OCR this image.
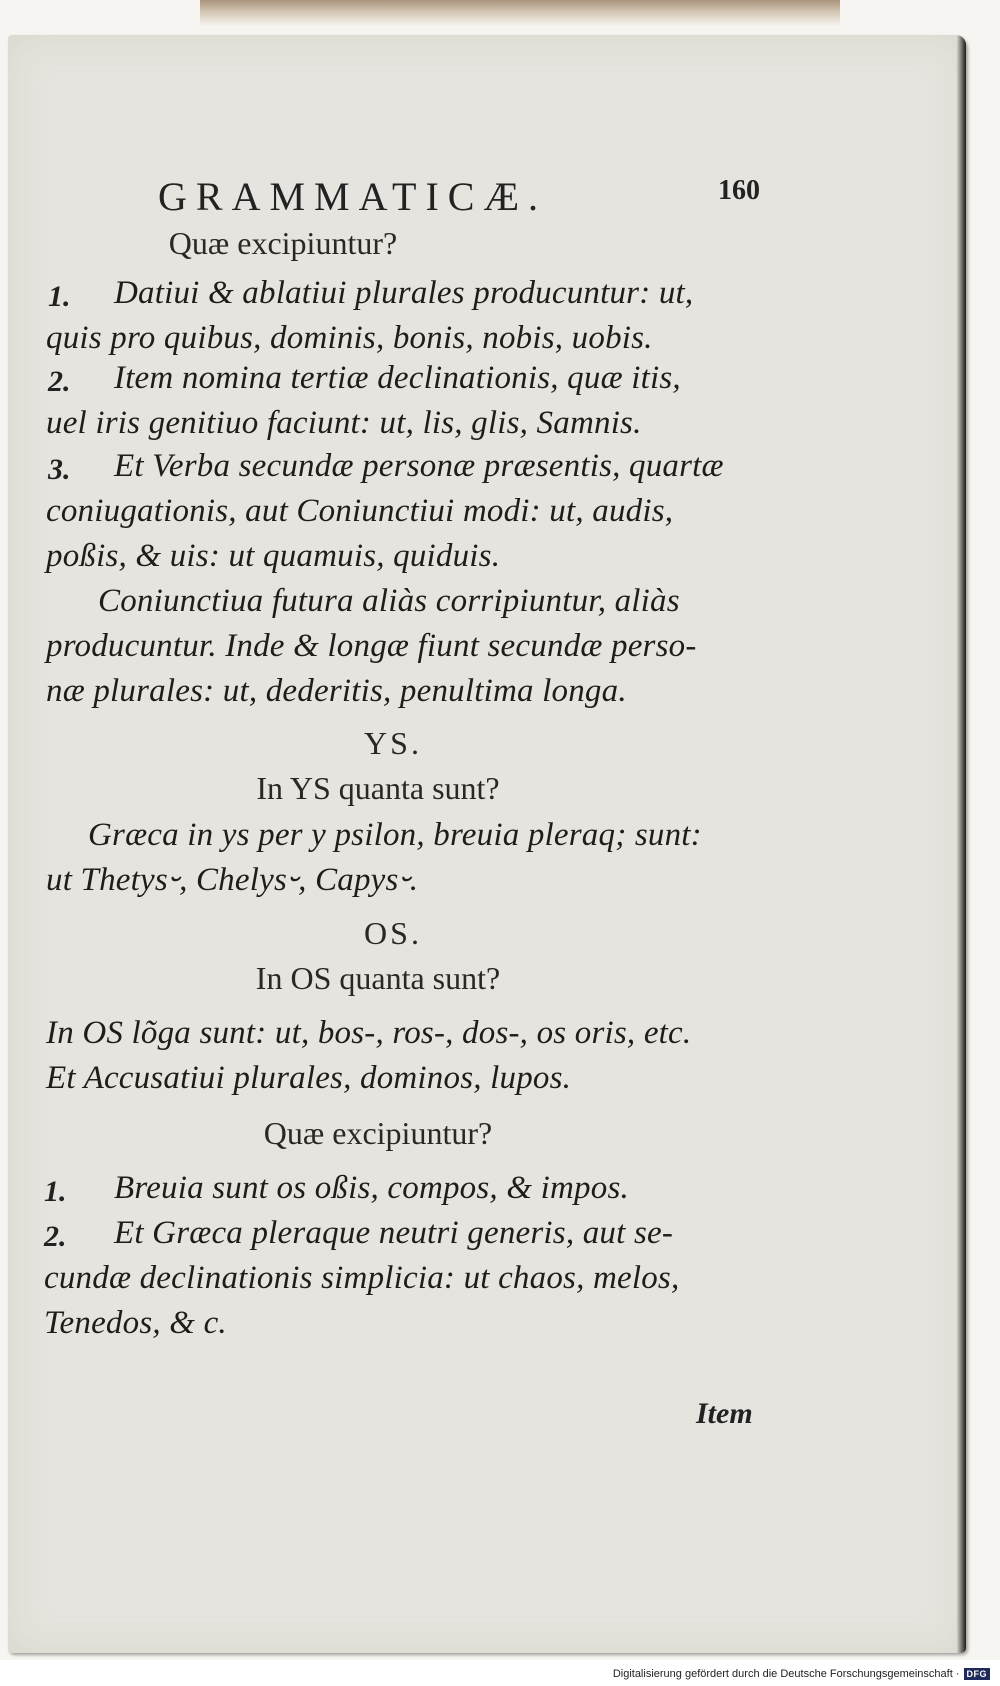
GRAMMATICÆ.	160
Quæ excipiuntur?
1. Datiui & ablatiui plurales producuntur: ut,
quis pro quibus, dominis, bonis, nobis, uobis.
2. Item nomina tertiæ declinationis, quæ itis,
uel iris genitiuo faciunt: ut, lis, glis, Samnis.
3. Et Verba secundæ personæ præsentis, quartæ
coniugationis, aut Coniunctiui modi: ut, audis,
poßis, & uis: ut quamuis, quiduis.
Coniunctiua futura aliàs corripiuntur, aliàs
producuntur. Inde & longæ fiunt secundæ perso-
næ plurales: ut, dederitis, penultima longa.
YS.
In YS quanta sunt?
Græca in ys per y psilon, breuia pleraq; sunt:
ut Thetys⏑, Chelys⏑, Capys⏑.
OS.
In OS quanta sunt?
In OS lõga sunt: ut, bos‑, ros‑, dos‑, os oris, etc.
Et Accusatiui plurales, dominos, lupos.
Quæ excipiuntur?
1. Breuia sunt os oßis, compos, & impos.
2. Et Græca pleraque neutri generis, aut se-
cundæ declinationis simplicia: ut chaos, melos,
Tenedos, & c.
Item
Digitalisierung gefördert durch die Deutsche Forschungsgemeinschaft · DFG
